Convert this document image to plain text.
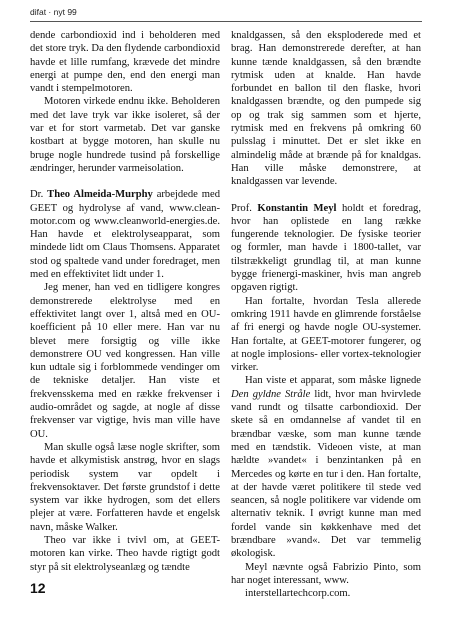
difat · nyt 99

dende carbondioxid ind i beholderen med det store tryk. Da den flydende carbondioxid havde et lille rumfang, krævede det mindre energi at pumpe den, end den energi man vandt i stempelmotoren.

Motoren virkede endnu ikke. Beholderen med det lave tryk var ikke isoleret, så der var et for stort varmetab. Det var ganske kostbart at bygge motoren, han skulle nu bruge nogle hundrede tusind på forskellige ændringer, herunder varmeisolation.

Dr. Theo Almeida-Murphy arbejdede med GEET og hydrolyse af vand, www.clean-motor.com og www.cleanworld-energies.de. Han havde et elektrolyseapparat, som mindede lidt om Claus Thomsens. Apparatet stod og spaltede vand under foredraget, men med en effektivitet lidt under 1.

Jeg mener, han ved en tidligere kongres demonstrerede elektrolyse med en effektivitet langt over 1, altså med en OU-koefficient på 10 eller mere. Han var nu blevet mere forsigtig og ville ikke demonstrere OU ved kongressen. Han ville kun udtale sig i forblommede vendinger om de tekniske detaljer. Han viste et frekvensskema med en række frekvenser i audio-området og sagde, at nogle af disse frekvenser var vigtige, hvis man ville have OU.

Man skulle også læse nogle skrifter, som havde et alkymistisk anstrøg, hvor en slags periodisk system var opdelt i frekvensoktaver. Det første grundstof i dette system var ikke hydrogen, som det ellers plejer at være. Forfatteren havde et engelsk navn, måske Walker.

Theo var ikke i tvivl om, at GEET-motoren kan virke. Theo havde rigtigt godt styr på sit elektrolyseanlæg og tændte

knaldgassen, så den eksploderede med et brag. Han demonstrerede derefter, at han kunne tænde knaldgassen, så den brændte rytmisk uden at knalde. Han havde forbundet en ballon til den flaske, hvori knaldgassen brændte, og den pumpede sig op og trak sig sammen som et hjerte, rytmisk med en frekvens på omkring 60 pulsslag i minuttet. Det er slet ikke en almindelig måde at brænde på for knaldgas. Han ville måske demonstrere, at knaldgassen var levende.

Prof. Konstantin Meyl holdt et foredrag, hvor han oplistede en lang række fungerende teknologier. De fysiske teorier og formler, man havde i 1800-tallet, var tilstrækkeligt grundlag til, at man kunne bygge frienergi-maskiner, hvis man angreb opgaven rigtigt.

Han fortalte, hvordan Tesla allerede omkring 1911 havde en glimrende forståelse af fri energi og havde nogle OU-systemer. Han fortalte, at GEET-motorer fungerer, og at nogle implosions- eller vortex-teknologier virker.

Han viste et apparat, som måske lignede Den gyldne Stråle lidt, hvor man hvirvlede vand rundt og tilsatte carbondioxid. Der skete så en omdannelse af vandet til en brændbar væske, som man kunne tænde med en tændstik. Videoen viste, at man hældte »vandet« i benzintanken på en Mercedes og kørte en tur i den. Han fortalte, at der havde været politikere til stede ved seancen, så nogle politikere var vidende om alternativ teknik. I øvrigt kunne man med fordel vande sin køkkenhave med det brændbare »vand«. Det var temmelig økologisk.

Meyl nævnte også Fabrizio Pinto, som har noget interessant, www.
interstellartechcorp.com.

12
